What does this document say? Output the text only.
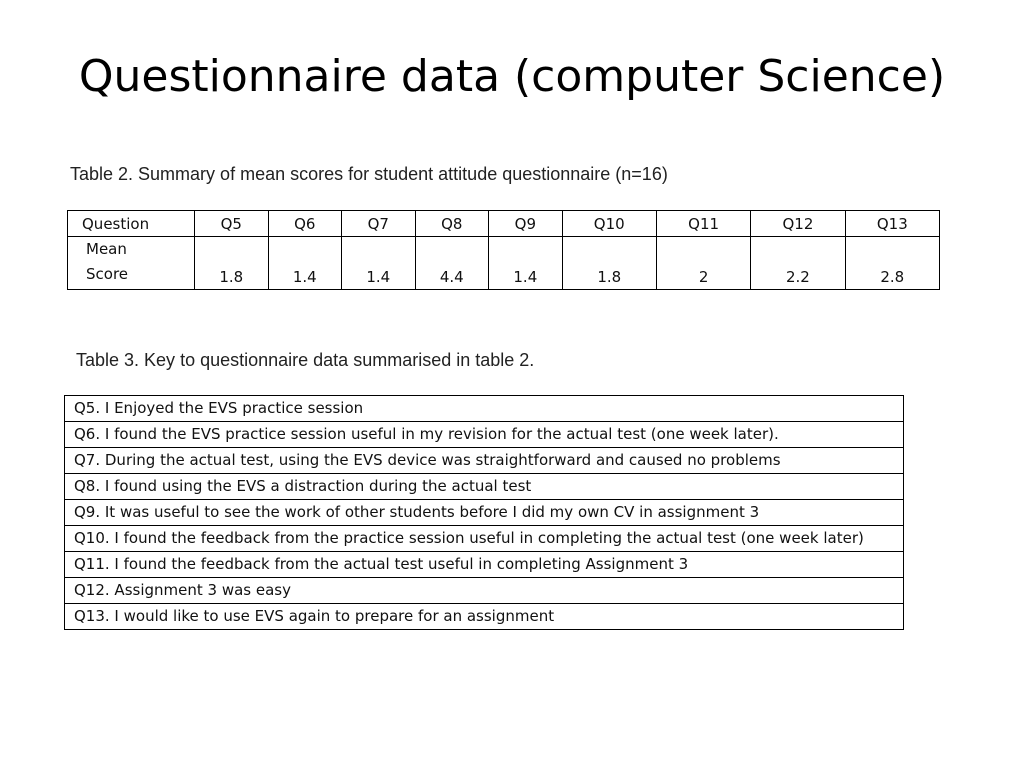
Questionnaire data (computer Science)
Table 2. Summary of mean scores for student attitude questionnaire (n=16)
Question	Q5	Q6	Q7	Q8	Q9	Q10	Q11	Q12	Q13

Mean
Score	1.8	1.4	1.4	4.4	1.4	1.8	2	2.2	2.8
Table 3. Key to questionnaire data summarised in table 2.
Q5. I Enjoyed the EVS practice session
Q6. I found the EVS practice session useful in my revision for the actual test (one week later).
Q7. During the actual test, using the EVS device was straightforward and caused no problems
Q8. I found using the EVS a distraction during the actual test
Q9. It was useful to see the work of other students before I did my own CV in assignment 3
Q10. I found the feedback from the practice session useful in completing the actual test (one week later)
Q11. I found the feedback from the actual test useful in completing Assignment 3
Q12. Assignment 3 was easy
Q13. I would like to use EVS again to prepare for an assignment
